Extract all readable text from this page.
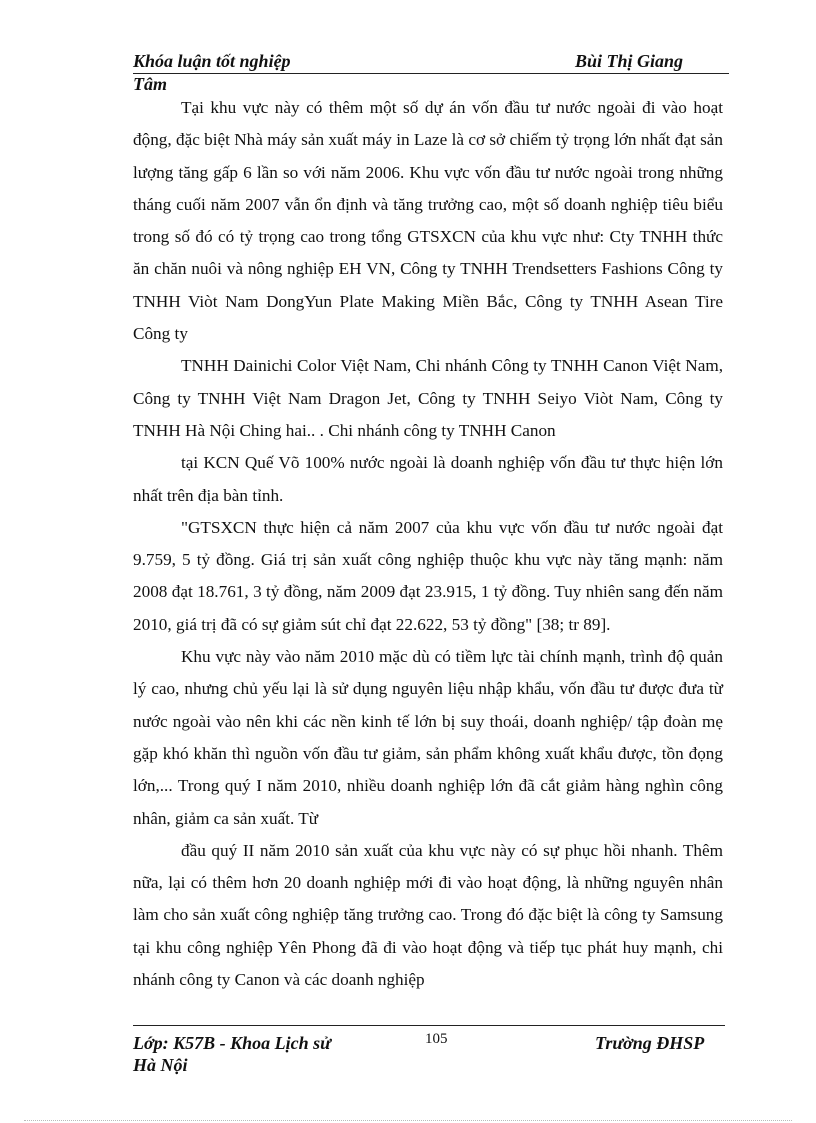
Khóa luận tốt nghiệp	Bùi Thị Giang
Tâm

Tại khu vực này có thêm một số dự án vốn đầu tư nước ngoài đi vào hoạt động, đặc biệt Nhà máy sản xuất máy in Laze là cơ sở chiếm tỷ trọng lớn nhất đạt sản lượng tăng gấp 6 lần so với năm 2006. Khu vực vốn đầu tư nước ngoài trong những tháng cuối năm 2007 vẫn ổn định và tăng trưởng cao, một số doanh nghiệp tiêu biểu trong số đó có tỷ trọng cao trong tổng GTSXCN của khu vực như: Cty TNHH thức ăn chăn nuôi và nông nghiệp EH VN, Công ty TNHH Trendsetters Fashions Công ty TNHH Viòt Nam DongYun Plate Making Miền Bắc, Công ty TNHH Asean Tire Công ty

TNHH Dainichi Color Việt Nam, Chi nhánh Công ty TNHH Canon Việt Nam, Công ty TNHH Việt Nam Dragon Jet, Công ty TNHH Seiyo Viòt Nam, Công ty TNHH Hà Nội Ching hai.. . Chi nhánh công ty TNHH Canon

tại KCN Quế Võ 100% nước ngoài là doanh nghiệp vốn đầu tư thực hiện lớn nhất trên địa bàn tỉnh.

"GTSXCN thực hiện cả năm 2007 của khu vực vốn đầu tư nước ngoài đạt 9.759, 5 tỷ đồng. Giá trị sản xuất công nghiệp thuộc khu vực này tăng mạnh: năm 2008 đạt 18.761, 3 tỷ đồng, năm 2009 đạt 23.915, 1 tỷ đồng. Tuy nhiên sang đến năm 2010, giá trị đã có sự giảm sút chỉ đạt 22.622, 53 tỷ đồng" [38; tr 89].

Khu vực này vào năm 2010 mặc dù có tiềm lực tài chính mạnh, trình độ quản lý cao, nhưng chủ yếu lại là sử dụng nguyên liệu nhập khẩu, vốn đầu tư được đưa từ nước ngoài vào nên khi các nền kinh tế lớn bị suy thoái, doanh nghiệp/ tập đoàn mẹ gặp khó khăn thì nguồn vốn đầu tư giảm, sản phẩm không xuất khẩu được, tồn đọng lớn,... Trong quý I năm 2010, nhiều doanh nghiệp lớn đã cắt giảm hàng nghìn công nhân, giảm ca sản xuất. Từ

đầu quý II năm 2010 sản xuất của khu vực này có sự phục hồi nhanh. Thêm nữa, lại có thêm hơn 20 doanh nghiệp mới đi vào hoạt động, là những nguyên nhân làm cho sản xuất công nghiệp tăng trưởng cao. Trong đó đặc biệt là công ty Samsung tại khu công nghiệp Yên Phong đã đi vào hoạt động và tiếp tục phát huy mạnh, chi nhánh công ty Canon và các doanh nghiệp

Lớp: K57B - Khoa Lịch sử	105	Trường ĐHSP
Hà Nội
